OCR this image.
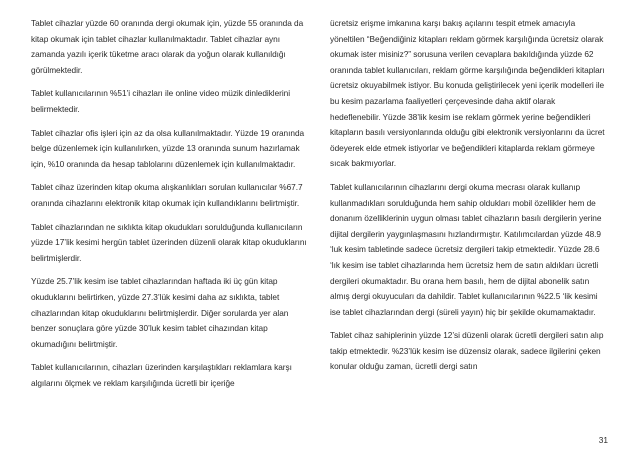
Tablet cihazlar yüzde 60 oranında dergi okumak için, yüzde 55 oranında da kitap okumak için tablet cihazlar kullanılmaktadır. Tablet cihazlar aynı zamanda yazılı içerik tüketme aracı olarak da yoğun olarak kullanıldığı görülmektedir.

Tablet kullanıcılarının %51’i cihazları ile online video müzik dinlediklerini belirmektedir.

Tablet cihazlar ofis işleri için az da olsa kullanılmaktadır. Yüzde 19 oranında belge düzenlemek için kullanılırken, yüzde 13 oranında sunum hazırlamak için, %10 oranında da hesap tablolarını düzenlemek için kullanılmaktadır.

Tablet cihaz üzerinden kitap okuma alışkanlıkları sorulan kullanıcılar %67.7 oranında cihazlarını elektronik kitap okumak için kullandıklarını belirtmiştir.

Tablet cihazlarından ne sıklıkta kitap okudukları sorulduğunda kullanıcıların yüzde 17’lik kesimi hergün tablet üzerinden düzenli olarak kitap okuduklarını belirtmişlerdir.

Yüzde 25.7’lik kesim ise tablet cihazlarından haftada iki üç gün kitap okuduklarını belirtirken, yüzde 27.3’lük kesimi daha az sıklıkta, tablet cihazlarından kitap okuduklarını belirtmişlerdir. Diğer sorularda yer alan benzer sonuçlara göre yüzde 30’luk kesim tablet cihazından kitap okumadığını belirtmiştir.

Tablet kullanıcılarının, cihazları üzerinden karşılaştıkları reklamlara karşı algılarını ölçmek ve reklam karşılığında ücretli bir içeriğe

ücretsiz erişme imkanına karşı bakış açılarını tespit etmek amacıyla yöneltilen “Beğendiğiniz kitapları reklam görmek karşılığında ücretsiz olarak okumak ister misiniz?” sorusuna verilen cevaplara bakıldığında yüzde 62 oranında tablet kullanıcıları, reklam görme karşılığında beğendikleri kitapları ücretsiz okuyabilmek istiyor. Bu konuda geliştirilecek yeni içerik modelleri ile bu kesim pazarlama faaliyetleri çerçevesinde daha aktif olarak hedeflenebilir. Yüzde 38’lik kesim ise reklam görmek yerine beğendikleri kitapların basılı versiyonlarında olduğu gibi elektronik versiyonlarını da ücret ödeyerek elde etmek istiyorlar ve beğendikleri kitaplarda reklam görmeye sıcak bakmıyorlar.

Tablet kullanıcılarının cihazlarını dergi okuma mecrası olarak kullanıp kullanmadıkları sorulduğunda hem sahip oldukları mobil özellikler hem de donanım özelliklerinin uygun olması tablet cihazların basılı dergilerin yerine dijital dergilerin yaygınlaşmasını hızlandırmıştır. Katılımcılardan yüzde 48.9 ‘luk kesim tabletinde sadece ücretsiz dergileri takip etmektedir. Yüzde 28.6 ‘lık kesim ise tablet cihazlarında hem ücretsiz hem de satın aldıkları ücretli dergileri okumaktadır. Bu orana hem basılı, hem de dijital abonelik satın almış dergi okuyucuları da dahildir. Tablet kullanıcılarının %22.5 ‘lik kesimi ise tablet cihazlarından dergi (süreli yayın) hiç bir şekilde okumamaktadır.

Tablet cihaz sahiplerinin yüzde 12’si düzenli olarak ücretli dergileri satın alıp takip etmektedir. %23’lük kesim ise düzensiz olarak, sadece ilgilerini çeken konular olduğu zaman, ücretli dergi satın

31
